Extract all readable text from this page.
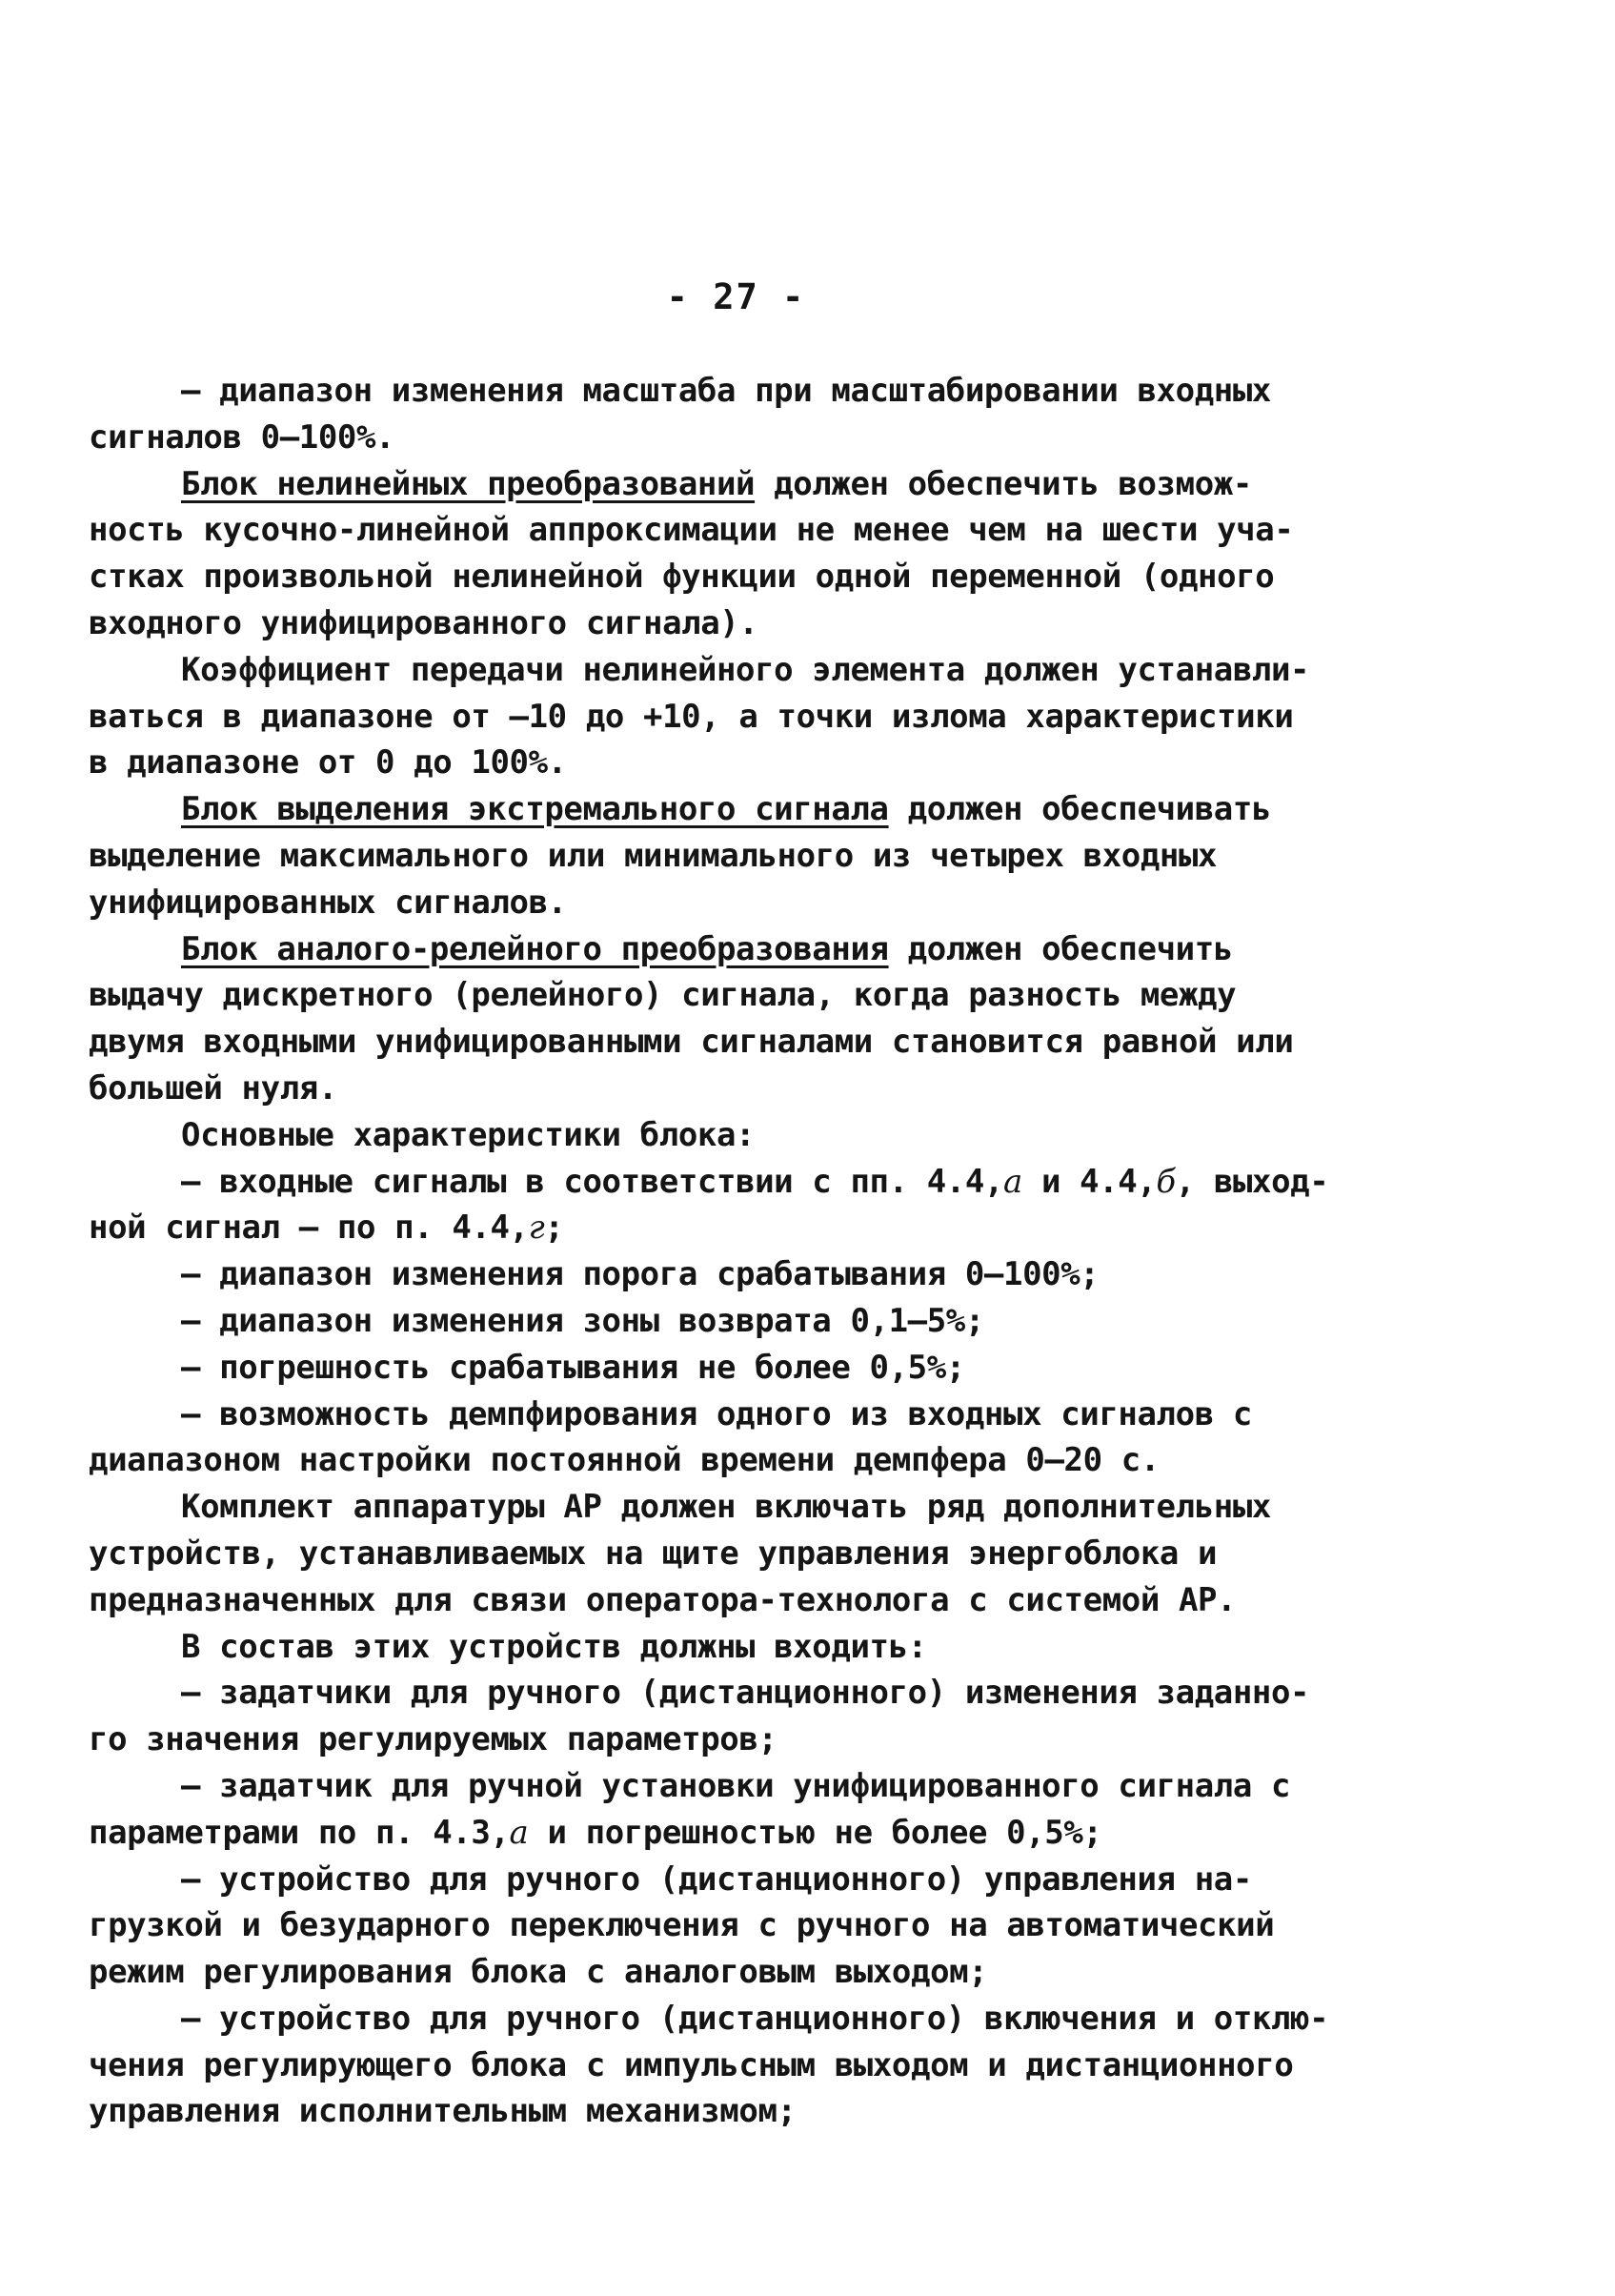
- 27 -
– диапазон изменения масштаба при масштабировании входных
сигналов 0–100%.
Блок нелинейных преобразований должен обеспечить возмож-
ность кусочно-линейной аппроксимации не менее чем на шести уча-
стках произвольной нелинейной функции одной переменной (одного
входного унифицированного сигнала).
Коэффициент передачи нелинейного элемента должен устанавли-
ваться в диапазоне от –10 до +10, а точки излома характеристики
в диапазоне от 0 до 100%.
Блок выделения экстремального сигнала должен обеспечивать
выделение максимального или минимального из четырех входных
унифицированных сигналов.
Блок аналого-релейного преобразования должен обеспечить
выдачу дискретного (релейного) сигнала, когда разность между
двумя входными унифицированными сигналами становится равной или
большей нуля.
Основные характеристики блока:
– входные сигналы в соответствии с пп. 4.4,а и 4.4,б, выход-
ной сигнал – по п. 4.4,г;
– диапазон изменения порога срабатывания 0–100%;
– диапазон изменения зоны возврата 0,1–5%;
– погрешность срабатывания не более 0,5%;
– возможность демпфирования одного из входных сигналов с
диапазоном настройки постоянной времени демпфера 0–20 с.
Комплект аппаратуры АР должен включать ряд дополнительных
устройств, устанавливаемых на щите управления энергоблока и
предназначенных для связи оператора-технолога с системой АР.
В состав этих устройств должны входить:
– задатчики для ручного (дистанционного) изменения заданно-
го значения регулируемых параметров;
– задатчик для ручной установки унифицированного сигнала с
параметрами по п. 4.3,а и погрешностью не более 0,5%;
– устройство для ручного (дистанционного) управления на-
грузкой и безударного переключения с ручного на автоматический
режим регулирования блока с аналоговым выходом;
– устройство для ручного (дистанционного) включения и отклю-
чения регулирующего блока с импульсным выходом и дистанционного
управления исполнительным механизмом;
